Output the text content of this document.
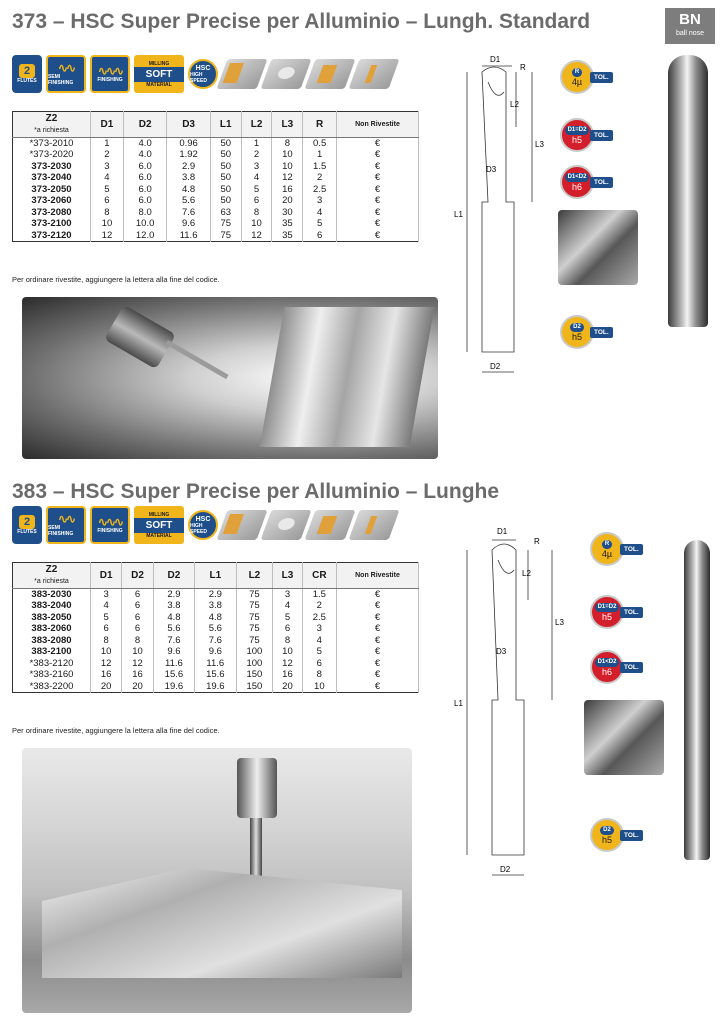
373 – HSC Super Precise per Alluminio – Lungh. Standard	BN
ball nose
2
FLUTES
∿∿
SEMI FINISHING
∿∿∿
FINISHING
MILLING
SOFT
MATERIAL
HSC
HIGH SPEED
Z2
*a richiesta	D1	D2	D3	L1	L2	L3	R	Non Rivestite
*373-2010	1	4.0	0.96	50	1	8	0.5	€
*373-2020	2	4.0	1.92	50	2	10	1	€
373-2030	3	6.0	2.9	50	3	10	1.5	€
373-2040	4	6.0	3.8	50	4	12	2	€
373-2050	5	6.0	4.8	50	5	16	2.5	€
373-2060	6	6.0	5.6	50	6	20	3	€
373-2080	8	8.0	7.6	63	8	30	4	€
373-2100	10	10.0	9.6	75	10	35	5	€
373-2120	12	12.0	11.6	75	12	35	6	€
Per ordinare rivestite, aggiungere la lettera alla fine del codice.
D1
R
L2
L3
D3
L1
D2
R
4µ	TOL.
D1=D2
h5	TOL.
D1<D2
h6	TOL.
D2
h5	TOL.
383 – HSC Super Precise per Alluminio – Lunghe
2
FLUTES
∿∿
SEMI FINISHING
∿∿∿
FINISHING
MILLING
SOFT
MATERIAL
HSC
HIGH SPEED
Z2
*a richiesta	D1	D2	D2	L1	L2	L3	CR	Non Rivestite
383-2030	3	6	2.9	2.9	75	3	1.5	€
383-2040	4	6	3.8	3.8	75	4	2	€
383-2050	5	6	4.8	4.8	75	5	2.5	€
383-2060	6	6	5.6	5.6	75	6	3	€
383-2080	8	8	7.6	7.6	75	8	4	€
383-2100	10	10	9.6	9.6	100	10	5	€
*383-2120	12	12	11.6	11.6	100	12	6	€
*383-2160	16	16	15.6	15.6	150	16	8	€
*383-2200	20	20	19.6	19.6	150	20	10	€
Per ordinare rivestite, aggiungere la lettera alla fine del codice.
D1
R
L2
L3
D3
L1
D2
R
4µ	TOL.
D1=D2
h5	TOL.
D1<D2
h6	TOL.
D2
h5	TOL.
